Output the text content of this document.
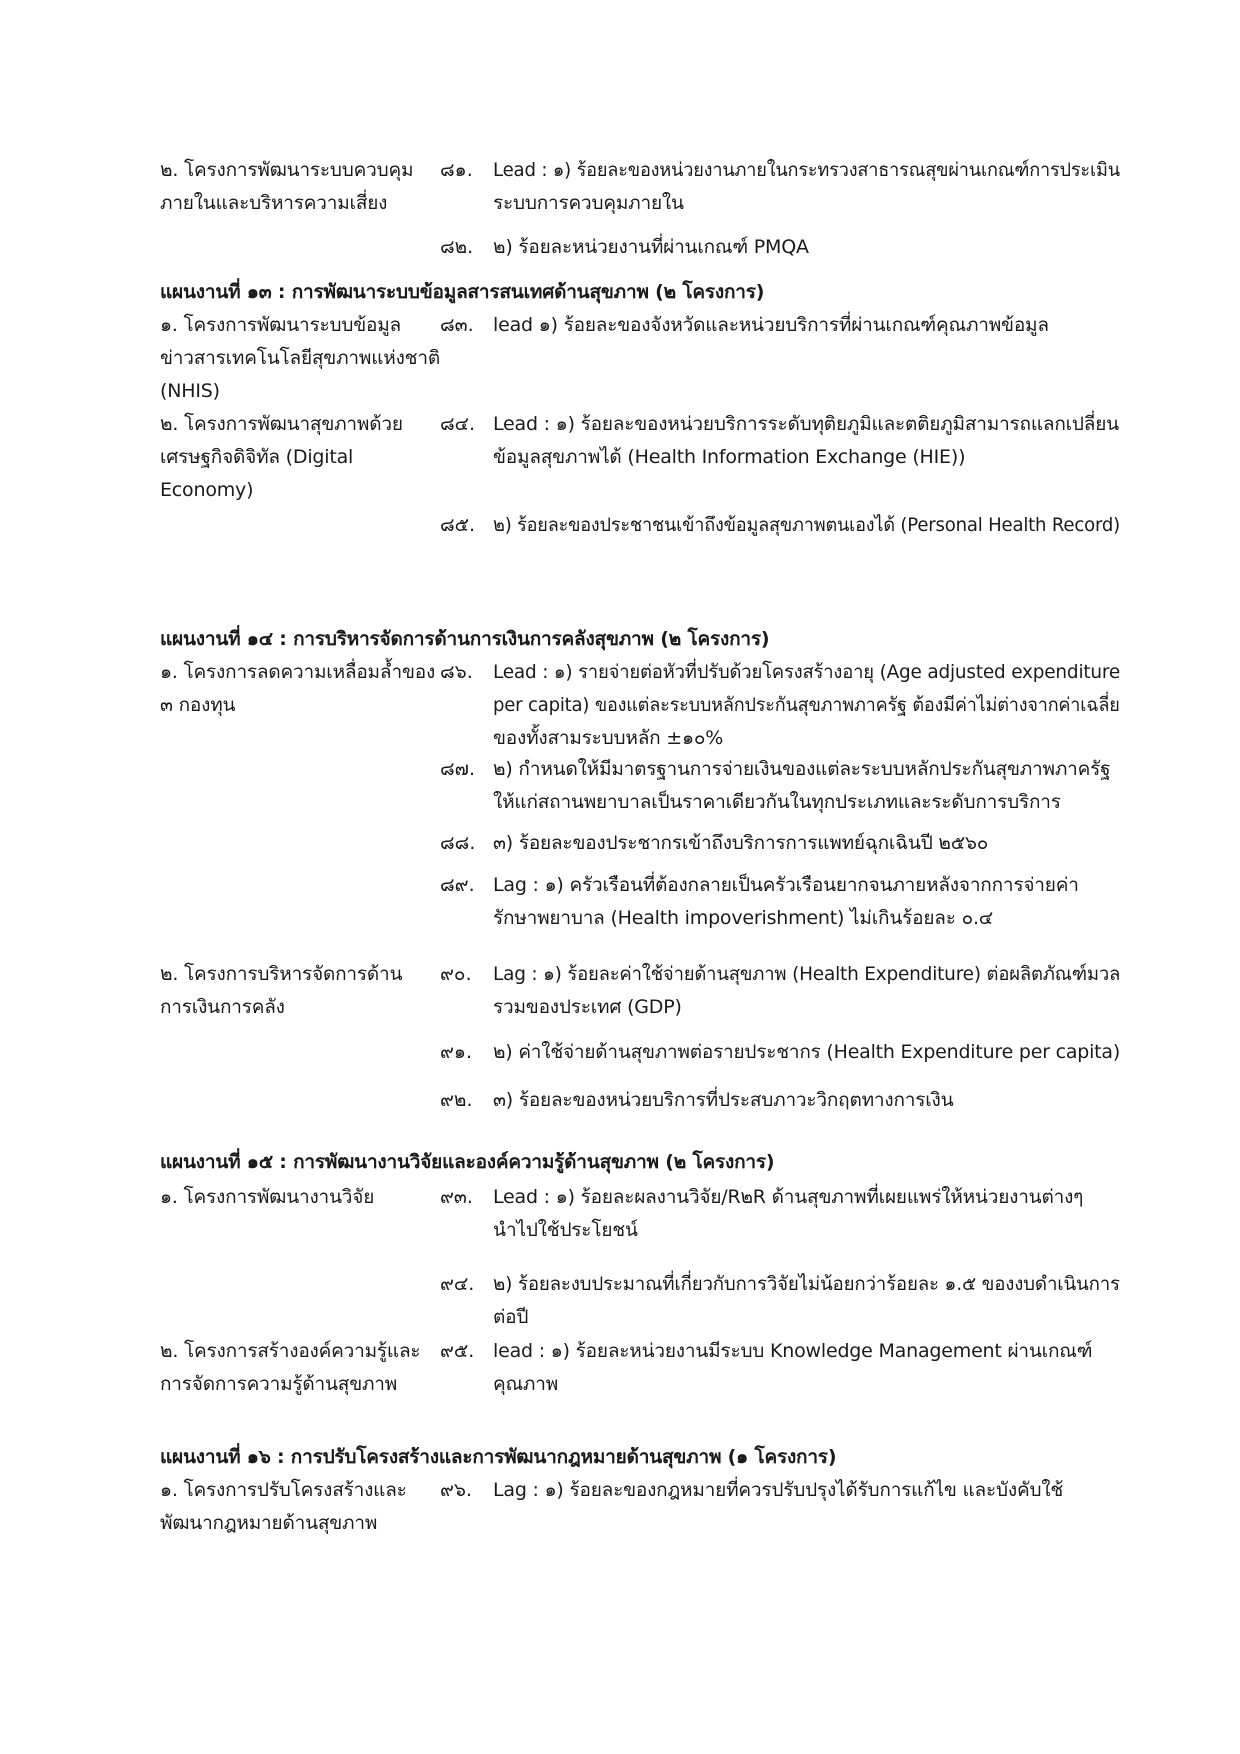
๒. โครงการพัฒนาระบบควบคุม
ภายในและบริหารความเสี่ยง
๘๑. Lead : ๑) ร้อยละของหน่วยงานภายในกระทรวงสาธารณสุขผ่านเกณฑ์การประเมิน
ระบบการควบคุมภายใน
๘๒. ๒) ร้อยละหน่วยงานที่ผ่านเกณฑ์ PMQA
แผนงานที่ ๑๓ : การพัฒนาระบบข้อมูลสารสนเทศด้านสุขภาพ (๒ โครงการ)
๑. โครงการพัฒนาระบบข้อมูล
ข่าวสารเทคโนโลยีสุขภาพแห่งชาติ
(NHIS)
๘๓. lead ๑) ร้อยละของจังหวัดและหน่วยบริการที่ผ่านเกณฑ์คุณภาพข้อมูล
๒. โครงการพัฒนาสุขภาพด้วย
เศรษฐกิจดิจิทัล (Digital
Economy)
๘๔. Lead : ๑) ร้อยละของหน่วยบริการระดับทุติยภูมิและตติยภูมิสามารถแลกเปลี่ยน
ข้อมูลสุขภาพได้ (Health Information Exchange (HIE))
๘๕. ๒) ร้อยละของประชาชนเข้าถึงข้อมูลสุขภาพตนเองได้ (Personal Health Record)
แผนงานที่ ๑๔ : การบริหารจัดการด้านการเงินการคลังสุขภาพ (๒ โครงการ)
๑. โครงการลดความเหลื่อมล้ำของ
๓ กองทุน
๘๖. Lead : ๑) รายจ่ายต่อหัวที่ปรับด้วยโครงสร้างอายุ (Age adjusted expenditure
per capita) ของแต่ละระบบหลักประกันสุขภาพภาครัฐ ต้องมีค่าไม่ต่างจากค่าเฉลี่ย
ของทั้งสามระบบหลัก ±๑๐%
๘๗. ๒) กำหนดให้มีมาตรฐานการจ่ายเงินของแต่ละระบบหลักประกันสุขภาพภาครัฐ
ให้แก่สถานพยาบาลเป็นราคาเดียวกันในทุกประเภทและระดับการบริการ
๘๘. ๓) ร้อยละของประชากรเข้าถึงบริการการแพทย์ฉุกเฉินปี ๒๕๖๐
๘๙. Lag : ๑) ครัวเรือนที่ต้องกลายเป็นครัวเรือนยากจนภายหลังจากการจ่ายค่า
รักษาพยาบาล (Health impoverishment) ไม่เกินร้อยละ ๐.๔
๒. โครงการบริหารจัดการด้าน
การเงินการคลัง
๙๐. Lag : ๑) ร้อยละค่าใช้จ่ายด้านสุขภาพ (Health Expenditure) ต่อผลิตภัณฑ์มวล
รวมของประเทศ (GDP)
๙๑. ๒) ค่าใช้จ่ายด้านสุขภาพต่อรายประชากร (Health Expenditure per capita)
๙๒. ๓) ร้อยละของหน่วยบริการที่ประสบภาวะวิกฤตทางการเงิน
แผนงานที่ ๑๕ : การพัฒนางานวิจัยและองค์ความรู้ด้านสุขภาพ (๒ โครงการ)
๑. โครงการพัฒนางานวิจัย	๙๓. Lead : ๑) ร้อยละผลงานวิจัย/R๒R ด้านสุขภาพที่เผยแพร่ให้หน่วยงานต่างๆ
นำไปใช้ประโยชน์
๙๔. ๒) ร้อยละงบประมาณที่เกี่ยวกับการวิจัยไม่น้อยกว่าร้อยละ ๑.๕ ของงบดำเนินการ
ต่อปี
๒. โครงการสร้างองค์ความรู้และ
การจัดการความรู้ด้านสุขภาพ
๙๕. lead : ๑) ร้อยละหน่วยงานมีระบบ Knowledge Management ผ่านเกณฑ์
คุณภาพ
แผนงานที่ ๑๖ : การปรับโครงสร้างและการพัฒนากฎหมายด้านสุขภาพ (๑ โครงการ)
๑. โครงการปรับโครงสร้างและ
พัฒนากฎหมายด้านสุขภาพ
๙๖. Lag : ๑) ร้อยละของกฎหมายที่ควรปรับปรุงได้รับการแก้ไข และบังคับใช้
